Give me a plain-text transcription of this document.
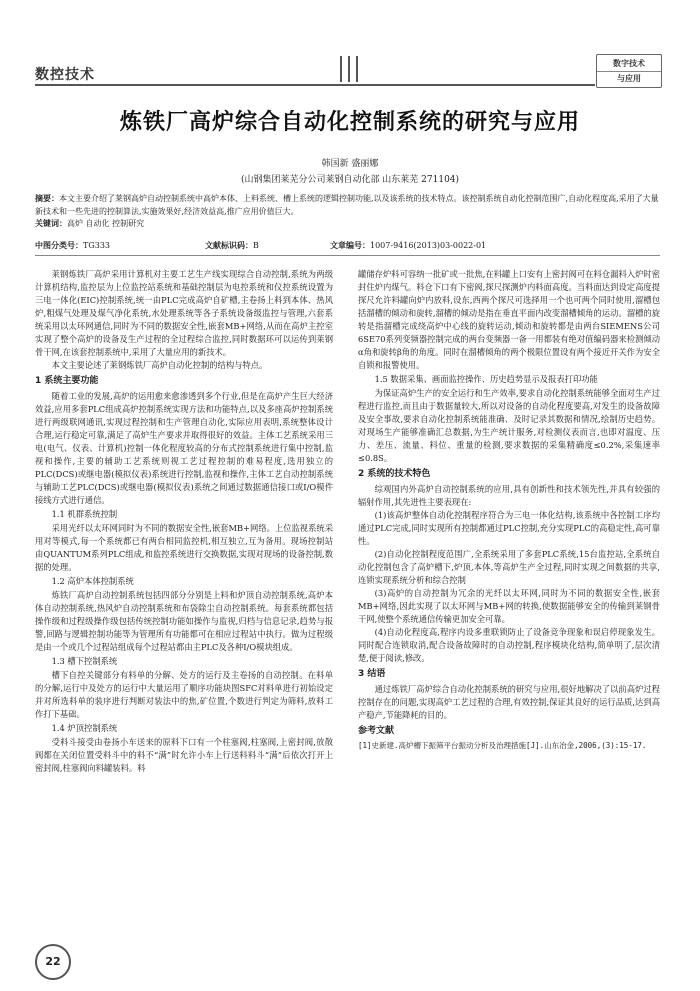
数控技术
数字技术
与应用
炼铁厂高炉综合自动化控制系统的研究与应用
韩国新 盛丽娜
(山钢集团莱芜分公司莱钢自动化部 山东莱芜 271104)
摘要：本文主要介绍了莱钢高炉自动控制系统中高炉本体、上料系统、槽上系统的逻辑控制功能,以及该系统的技术特点。该控制系统自动化控制范围广,自动化程度高,采用了大量新技术和一些先进的控制算法,实施效果好,经济效益高,推广应用价值巨大。
关键词：高炉 自动化 控制研究
中图分类号：TG333	文献标识码：B	文章编号：1007-9416(2013)03-0022-01

莱钢炼铁厂高炉采用计算机对主要工艺生产线实现综合自动控制,系统为两级计算机结构,监控层为上位监控站系统和基础控制层为电控系统和仪控系统设置为三电一体化(EIC)控制系统,统一由PLC完成高炉自矿槽,主卷扬上料到本体、热风炉,粗煤气处理及煤气净化系统,水处理系统等各子系统设备级监控与管理,六套系统采用以太环网通信,同时为不同的数据安全性,嵌套MB+网络,从而在高炉主控室实现了整个高炉的设备及生产过程的全过程综合监控,同时数据环可以运传到莱钢骨干网,在该套控制系统中,采用了大量应用的新技术。

本文主要论述了莱钢炼铁厂高炉自动化控制的结构与特点。

1 系统主要功能

随着工业的发展,高炉的运用愈来愈渗透到多个行业,但是在高炉产生巨大经济效益,应用多套PLC组成高炉控制系统实现方法和功能特点,以及多座高炉控制系统进行两级联网通讯,实现过程控制和生产管理自动化,实际应用表明,系统整体设计合理,运行稳定可靠,满足了高炉生产要求并取得很好的效益。主体工艺系统采用三电(电气、仪表、计算机)控制一体化程度较高的分布式控制系统进行集中控制,监视和操作,主要的辅助工艺系统则视工艺过程控制的难易程度,选用独立的PLC(DCS)或继电器(模拟仪表)系统进行控制,监视和操作,主体工艺自动控制系统与辅助工艺PLC(DCS)或继电器(模拟仪表)系统之间通过数据通信接口或I/O模件接线方式进行通信。

1.1 机群系统控制

采用光纤以太环网同时为不同的数据安全性,嵌套MB+网络。上位监视系统采用对等模式,每一个系统都已有两台相同监控机,相互独立,互为备用。现场控制站由QUANTUM系列PLC组成,和监控系统进行交换数据,实现对现场的设备控制,数据的处理。

1.2 高炉本体控制系统

炼铁厂高炉自动控制系统包括四部分分别是上料和炉顶自动控制系统,高炉本体自动控制系统,热风炉自动控制系统和布袋除尘自动控制系统。每套系统都包括操作级和过程级操作级包括传统控制功能如操作与监视,归档与信息记录,趋势与报警,回路与逻辑控制功能等为管理所有功能都可在相应过程站中执行。做为过程级是由一个或几个过程站组成每个过程站都由主PLC及各种I/O模块组成。

1.3 槽下控制系统

槽下自控关键部分有料单的分解、处方的运行及主卷扬的自动控制。在料单的分解,运行中及处方的运行中大量运用了顺序功能块图SFC对料单进行初始设定并对所选料单的装序进行判断对装法中的焦,矿位置,个数进行判定为筛料,放料工作打下基础。

1.4 炉顶控制系统

受料斗接受由卷扬小车送来的原料下口有一个柱塞阀,柱塞阀,上密封阀,放散阀都在关闭位置受料斗中的料不“满”时允许小车上行送料料斗“满”后依次打开上密封阀,柱塞阀向料罐装料。料

罐储存炉料可容纳一批矿或一批焦,在料罐上口安有上密封阀可在料仓漏料入炉时密封住炉内煤气。料仓下口有下密阀,探尺探测炉内料面高度。当料面达到设定高度提探尺允许料罐向炉内放料,设东,西两个探尺可选择用一个也可两个同时使用,溜槽包括溜槽的倾动和旋转,溜槽的倾动是指在垂直平面内改变溜槽倾角的运动。溜槽的旋转是指溜槽完成绕高炉中心线的旋转运动,倾动和旋转都是由两台SIEMENS公司6SE70系列变频器控制完成的两台变频器一备一用都装有绝对值编码器来检测倾动α角和旋转β角的角度。同时在溜槽倾角的两个极限位置设有两个接近开关作为安全自锁和报警使用。

1.5 数据采集、画面监控操作、历史趋势显示及报表打印功能

为保证高炉生产的安全运行和生产效率,要求自动化控制系统能够全面对生产过程进行监控,而且由于数据量较大,所以对设备的自动化程度要高,对发生的设备故障及安全事故,要求自动化控制系统能准确、及时记录其数据和情况,绘制历史趋势。对现场生产能够准确汇总数据,为生产统计服务,对检测仪表而言,也即对温度、压力、差压、流量、料位、重量的检测,要求数据的采集精确度≤0.2%,采集速率≤0.8S。

2 系统的技术特色

综观国内外高炉自动控制系统的应用,具有创新性和技术领先性,并具有较强的辐射作用,其先进性主要表现在:

(1)该高炉整体自动化控制程序符合为三电一体化结构,该系统中各控制工序均通过PLC完成,同时实现所有控制都通过PLC控制,充分实现PLC的高稳定性,高可靠性。

(2)自动化控制程度范围广,全系统采用了多套PLC系统,15台监控站,全系统自动化控制包含了高炉槽下,炉顶,本体,等高炉生产全过程,同时实现之间数据的共享,连锁实现系统分析和综合控制

(3)高炉的自动控制为冗余的光纤以太环网,同时为不同的数据安全性,嵌套MB+网络,因此实现了以太环网与MB+网的转换,使数据能够安全的传输到莱钢骨干网,使整个系统通信传输更加安全可靠。

(4)自动化程度高,程序内设多重联锁防止了设备竞争现象和误启停现象发生。同时配合连锁取消,配合设备故障时的自动控制,程序模块化结构,简单明了,层次清楚,便于阅读,修改。

3 结语

通过炼铁厂高炉综合自动化控制系统的研究与应用,很好地解决了以前高炉过程控制存在的问题,实现高炉工艺过程的合理,有效控制,保证其良好的运行品质,达到高产稳产,节能降耗的目的。

参考文献

[1]史新建.高炉槽下振筛平台振动分析及治理措施[J].山东冶金,2006,(3):15-17.

22
